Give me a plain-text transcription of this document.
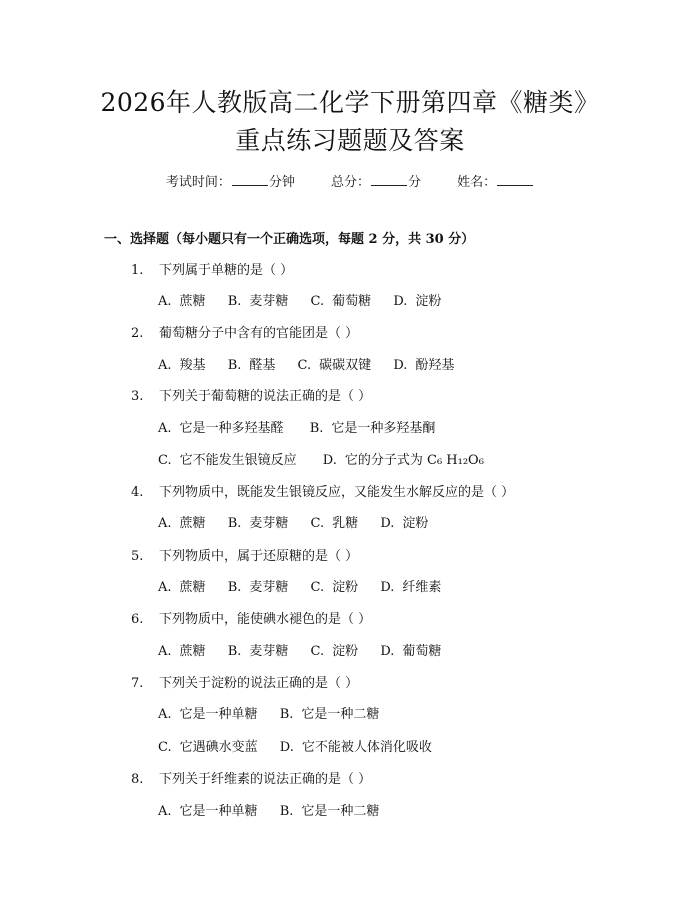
2026年人教版高二化学下册第四章《糖类》
重点练习题题及答案
考试时间：	分钟	总分：	分	姓名：
一、选择题（每小题只有一个正确选项，每题 2 分，共 30 分）
1. 下列属于单糖的是（ ）
A. 蔗糖 B. 麦芽糖 C. 葡萄糖 D. 淀粉
2. 葡萄糖分子中含有的官能团是（ ）
A. 羧基 B. 醛基 C. 碳碳双键 D. 酚羟基
3. 下列关于葡萄糖的说法正确的是（ ）
A. 它是一种多羟基醛 B. 它是一种多羟基酮
C. 它不能发生银镜反应 D. 它的分子式为 C₆ H₁₂O₆
4. 下列物质中，既能发生银镜反应，又能发生水解反应的是（ ）
A. 蔗糖 B. 麦芽糖 C. 乳糖 D. 淀粉
5. 下列物质中，属于还原糖的是（ ）
A. 蔗糖 B. 麦芽糖 C. 淀粉 D. 纤维素
6. 下列物质中，能使碘水褪色的是（ ）
A. 蔗糖 B. 麦芽糖 C. 淀粉 D. 葡萄糖
7. 下列关于淀粉的说法正确的是（ ）
A. 它是一种单糖 B. 它是一种二糖
C. 它遇碘水变蓝 D. 它不能被人体消化吸收
8. 下列关于纤维素的说法正确的是（ ）
A. 它是一种单糖 B. 它是一种二糖
